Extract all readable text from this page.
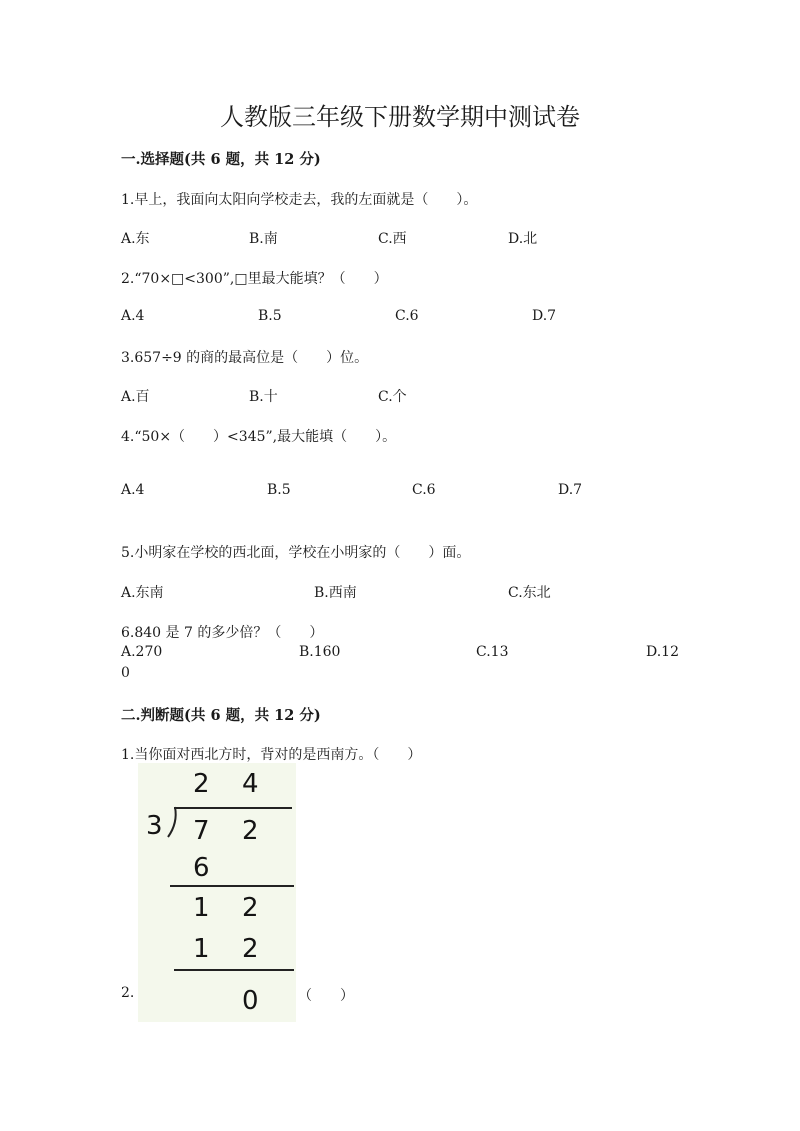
人教版三年级下册数学期中测试卷
一.选择题(共 6 题，共 12 分)
1.早上，我面向太阳向学校走去，我的左面就是（　　）。
A.东	B.南	C.西	D.北
2.“70×□<300”,□里最大能填？（　　）
A.4	B.5	C.6	D.7
3.657÷9 的商的最高位是（　　）位。
A.百	B.十	C.个
4.“50×（　　）<345”,最大能填（　　）。
A.4	B.5	C.6	D.7
5.小明家在学校的西北面，学校在小明家的（　　）面。
A.东南	B.西南	C.东北
6.840 是 7 的多少倍？（　　）
A.270	B.160	C.13	D.12
0
二.判断题(共 6 题，共 12 分)
1.当你面对西北方时，背对的是西南方。（　　）
2.
2 4
3 7 2
6
1 2
1 2
0	（　　）
